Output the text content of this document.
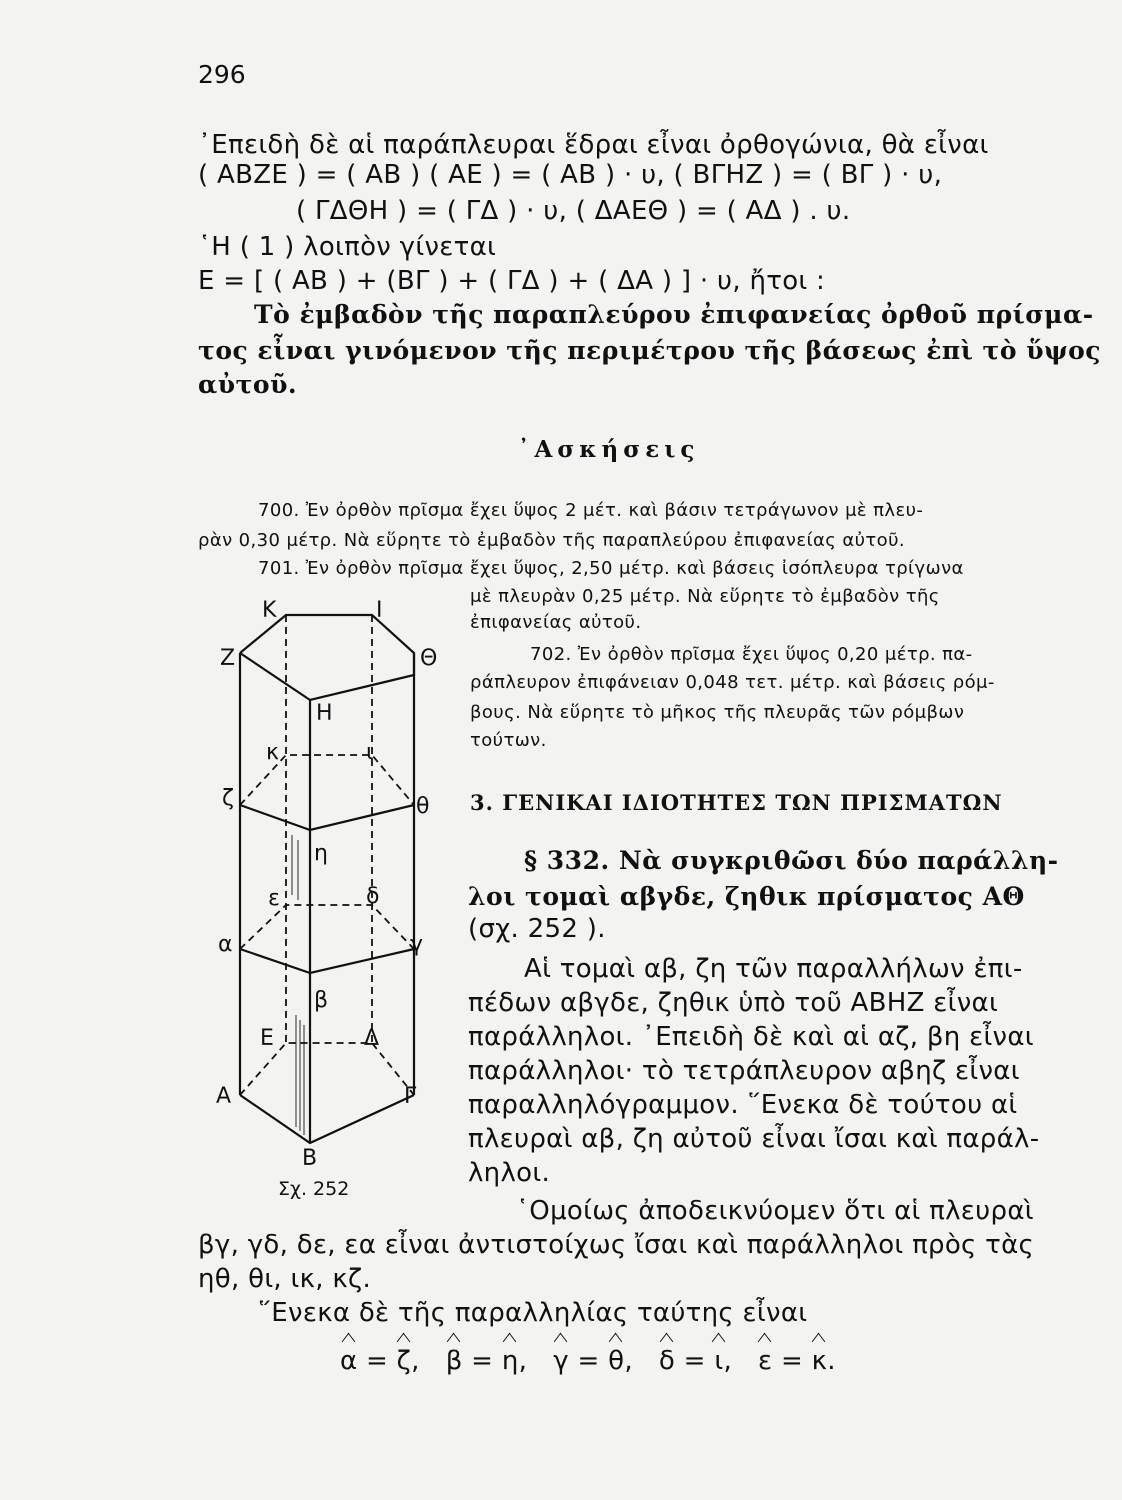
296
᾿Επειδὴ δὲ αἱ παράπλευραι ἕδραι εἶναι ὀρθογώνια, θὰ εἶναι
( ΑΒΖΕ ) = ( ΑΒ ) ( ΑΕ ) = ( ΑΒ ) · υ, ( ΒΓΗΖ ) = ( ΒΓ ) · υ,
( ΓΔΘΗ ) = ( ΓΔ ) · υ, ( ΔΑΕΘ ) = ( ΑΔ ) . υ.
῾Η ( 1 ) λοιπὸν γίνεται
Ε = [ ( ΑΒ ) + (ΒΓ ) + ( ΓΔ ) + ( ΔΑ ) ] · υ, ἤτοι :
Τὸ ἐμβαδὸν τῆς παραπλεύρου ἐπιφανείας ὀρθοῦ πρίσμα-
τος εἶναι γινόμενον τῆς περιμέτρου τῆς βάσεως ἐπὶ τὸ ὕψος
αὐτοῦ.
᾿Ασκήσεις
700. Ἐν ὀρθὸν πρῖσμα ἔχει ὕψος 2 μέτ. καὶ βάσιν τετράγωνον μὲ πλευ-
ρὰν 0,30 μέτρ. Νὰ εὕρητε τὸ ἐμβαδὸν τῆς παραπλεύρου ἐπιφανείας αὐτοῦ.
701. Ἐν ὀρθὸν πρῖσμα ἔχει ὕψος, 2,50 μέτρ. καὶ βάσεις ἰσόπλευρα τρίγωνα
μὲ πλευρὰν 0,25 μέτρ. Νὰ εὕρητε τὸ ἐμβαδὸν τῆς
ἐπιφανείας αὐτοῦ.
702. Ἐν ὀρθὸν πρῖσμα ἔχει ὕψος 0,20 μέτρ. πα-
ράπλευρον ἐπιφάνειαν 0,048 τετ. μέτρ. καὶ βάσεις ρόμ-
βους. Νὰ εὕρητε τὸ μῆκος τῆς πλευρᾶς τῶν ρόμβων
τούτων.
3. ΓΕΝΙΚΑΙ ΙΔΙΟΤΗΤΕΣ ΤΩΝ ΠΡΙΣΜΑΤΩΝ
§ 332. Νὰ συγκριθῶσι δύο παράλλη-
λοι τομαὶ αβγδε, ζηθικ πρίσματος ΑΘ
(σχ. 252 ).
Αἱ τομαὶ αβ, ζη τῶν παραλλήλων ἐπι-
πέδων αβγδε, ζηθικ ὑπὸ τοῦ ΑΒΗΖ εἶναι
παράλληλοι. ᾿Επειδὴ δὲ καὶ αἱ αζ, βη εἶναι
παράλληλοι· τὸ τετράπλευρον αβηζ εἶναι
παραλληλόγραμμον. ῞Ενεκα δὲ τούτου αἱ
πλευραὶ αβ, ζη αὐτοῦ εἶναι ἴσαι καὶ παράλ-
ληλοι.
῾Ομοίως ἀποδεικνύομεν ὅτι αἱ πλευραὶ
βγ, γδ, δε, εα εἶναι ἀντιστοίχως ἴσαι καὶ παράλληλοι πρὸς τὰς
ηθ, θι, ικ, κζ.
῞Ενεκα δὲ τῆς παραλληλίας ταύτης εἶναι
α = ζ, β = η, γ = θ, δ = ι, ε = κ.
Κ	Ι
Ζ	Θ
Η
κ	ι
ζ	θ
η
ε	δ
α	γ
β
Ε	Δ
Α	Γ
Β
Σχ. 252
